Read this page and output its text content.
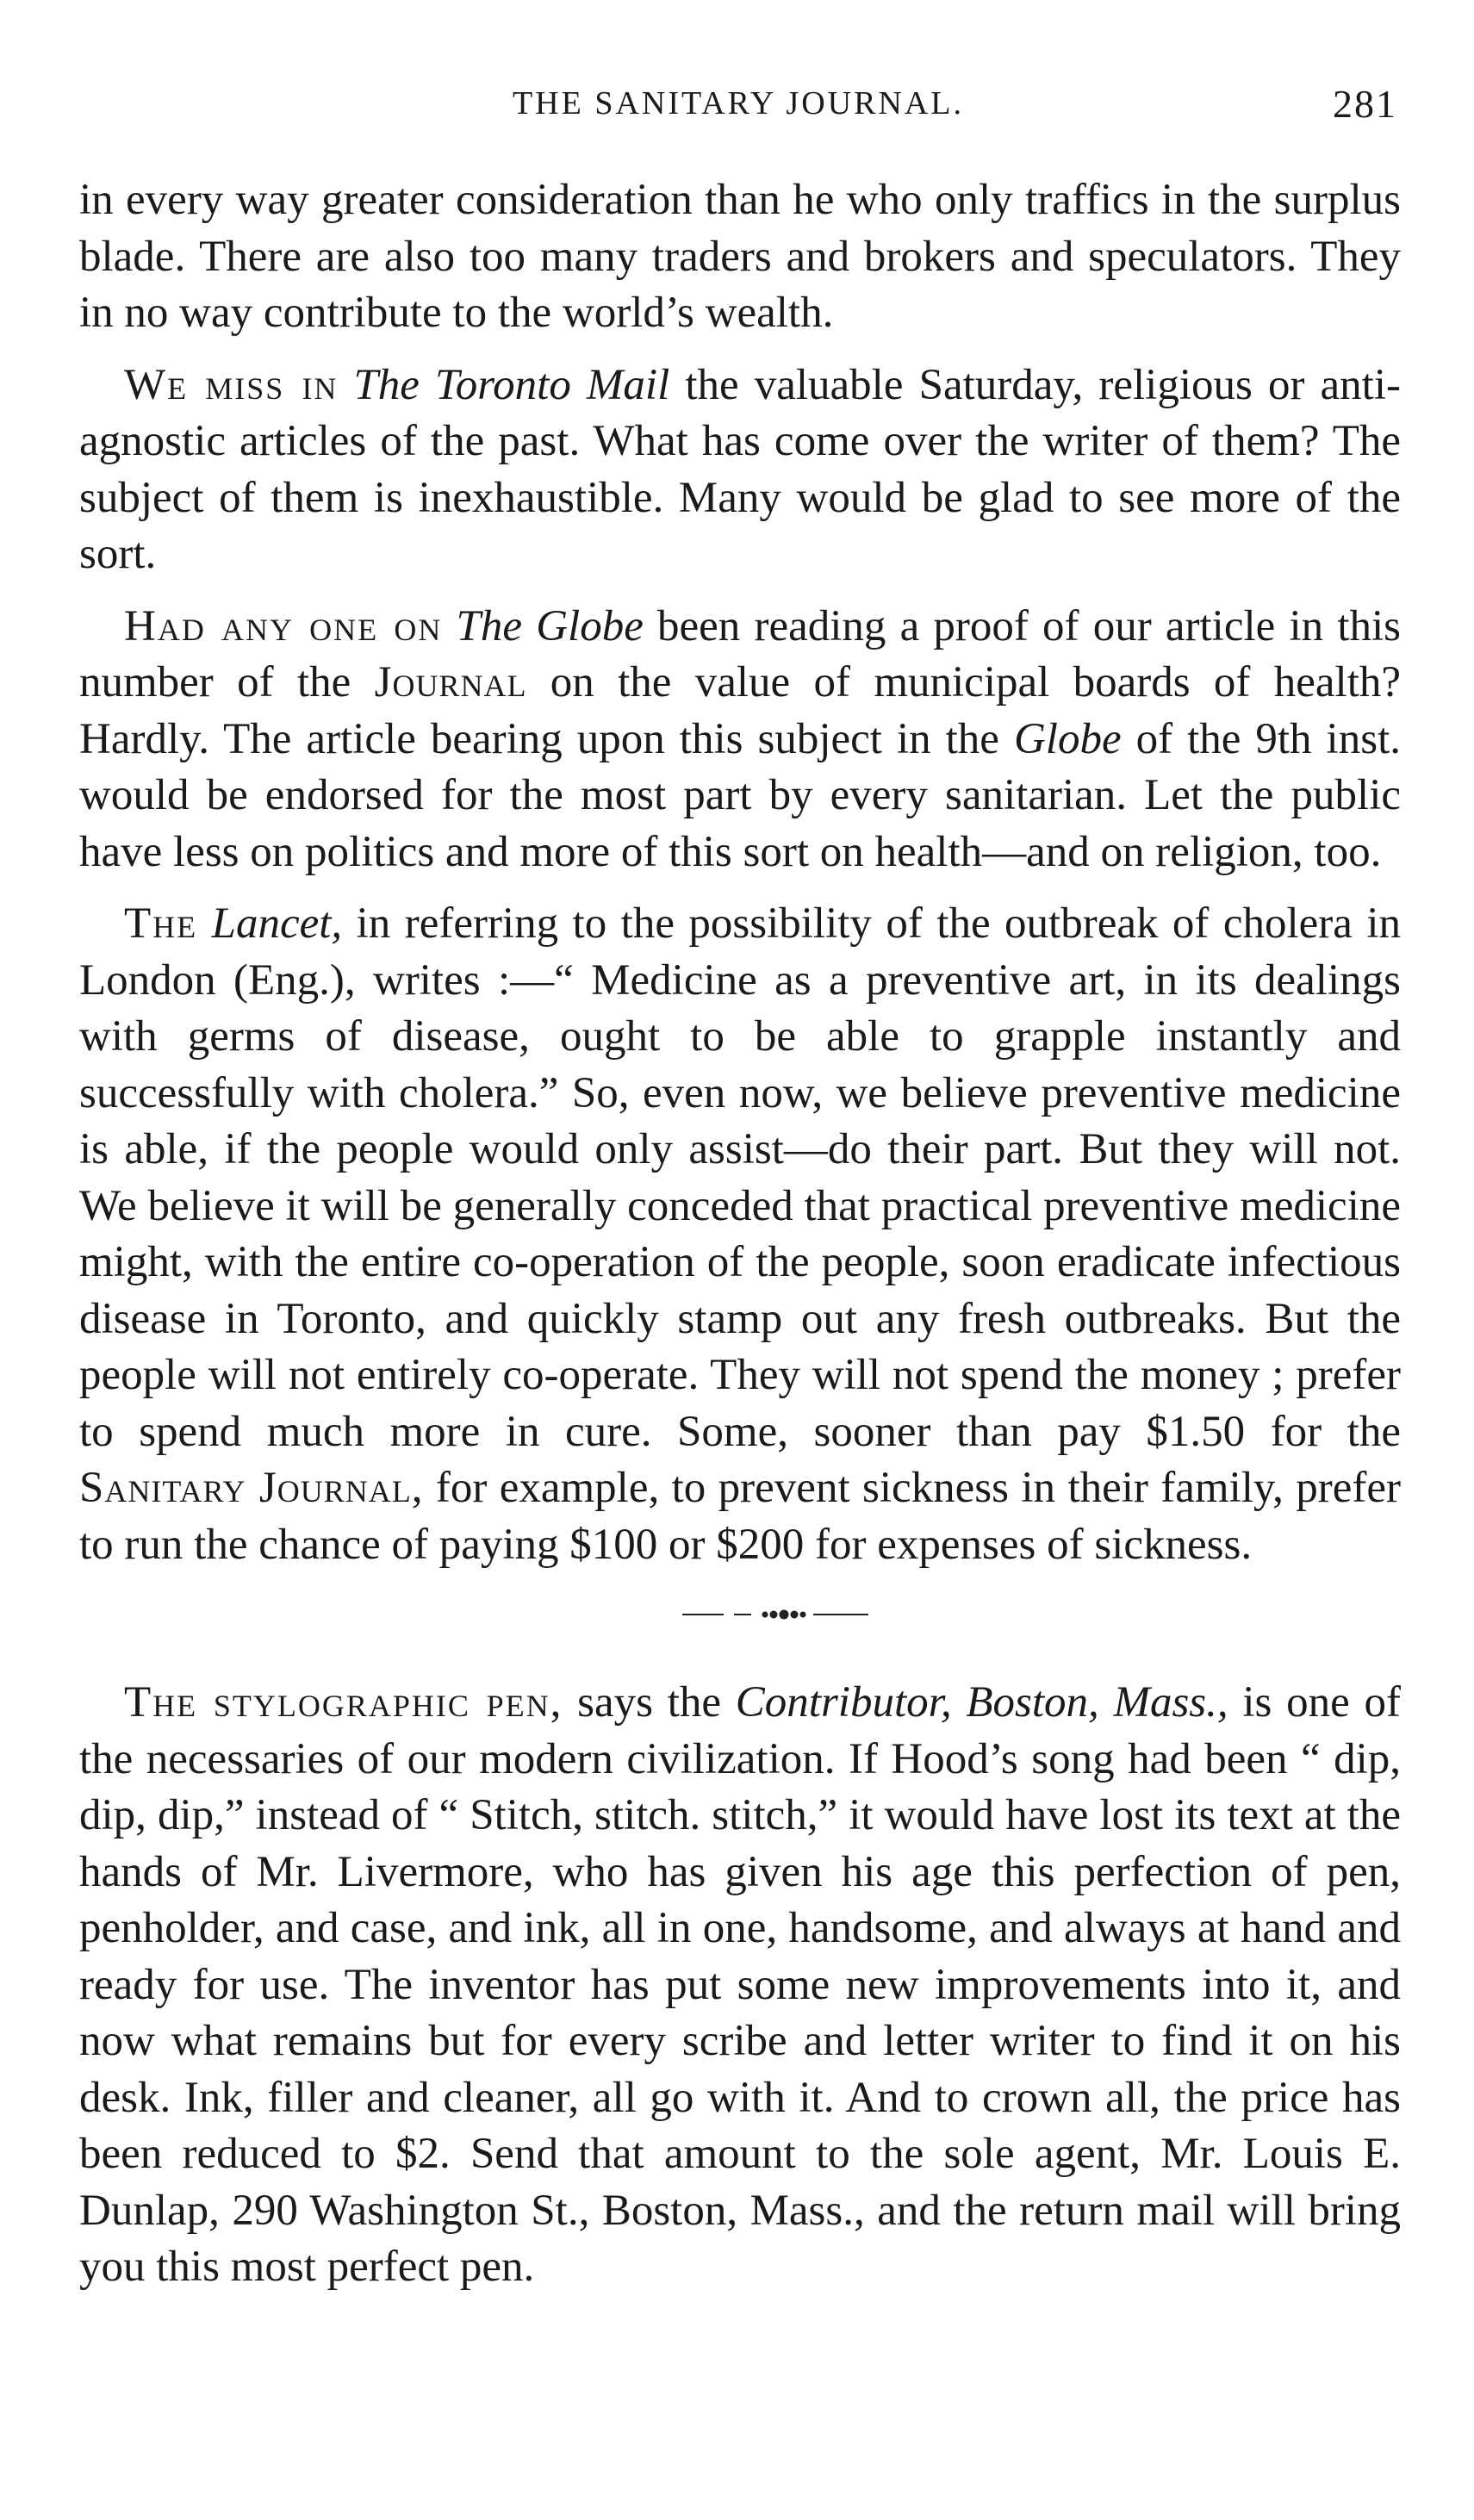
THE SANITARY JOURNAL.	281

in every way greater consideration than he who only traffics in the surplus blade. There are also too many traders and brokers and speculators. They in no way contribute to the world’s wealth.

We miss in The Toronto Mail the valuable Saturday, religious or anti-agnostic articles of the past. What has come over the writer of them? The subject of them is inexhaustible. Many would be glad to see more of the sort.

Had any one on The Globe been reading a proof of our article in this number of the Journal on the value of municipal boards of health? Hardly. The article bearing upon this subject in the Globe of the 9th inst. would be endorsed for the most part by every sanitarian. Let the public have less on politics and more of this sort on health—and on religion, too.

The Lancet, in referring to the possibility of the outbreak of cholera in London (Eng.), writes :—“ Medicine as a preventive art, in its dealings with germs of disease, ought to be able to grapple instantly and successfully with cholera.” So, even now, we believe preventive medicine is able, if the people would only assist—do their part. But they will not. We believe it will be generally conceded that practical preventive medicine might, with the entire co-operation of the people, soon eradicate infectious disease in Toronto, and quickly stamp out any fresh outbreaks. But the people will not entirely co-operate. They will not spend the money ; prefer to spend much more in cure. Some, sooner than pay $1.50 for the Sanitary Journal, for example, to prevent sickness in their family, prefer to run the chance of paying $100 or $200 for expenses of sickness.

The stylographic pen, says the Contributor, Boston, Mass., is one of the necessaries of our modern civilization. If Hood’s song had been “ dip, dip, dip,” instead of “ Stitch, stitch. stitch,” it would have lost its text at the hands of Mr. Livermore, who has given his age this perfection of pen, penholder, and case, and ink, all in one, handsome, and always at hand and ready for use. The inventor has put some new improvements into it, and now what remains but for every scribe and letter writer to find it on his desk. Ink, filler and cleaner, all go with it. And to crown all, the price has been reduced to $2. Send that amount to the sole agent, Mr. Louis E. Dunlap, 290 Washington St., Boston, Mass., and the return mail will bring you this most perfect pen.
